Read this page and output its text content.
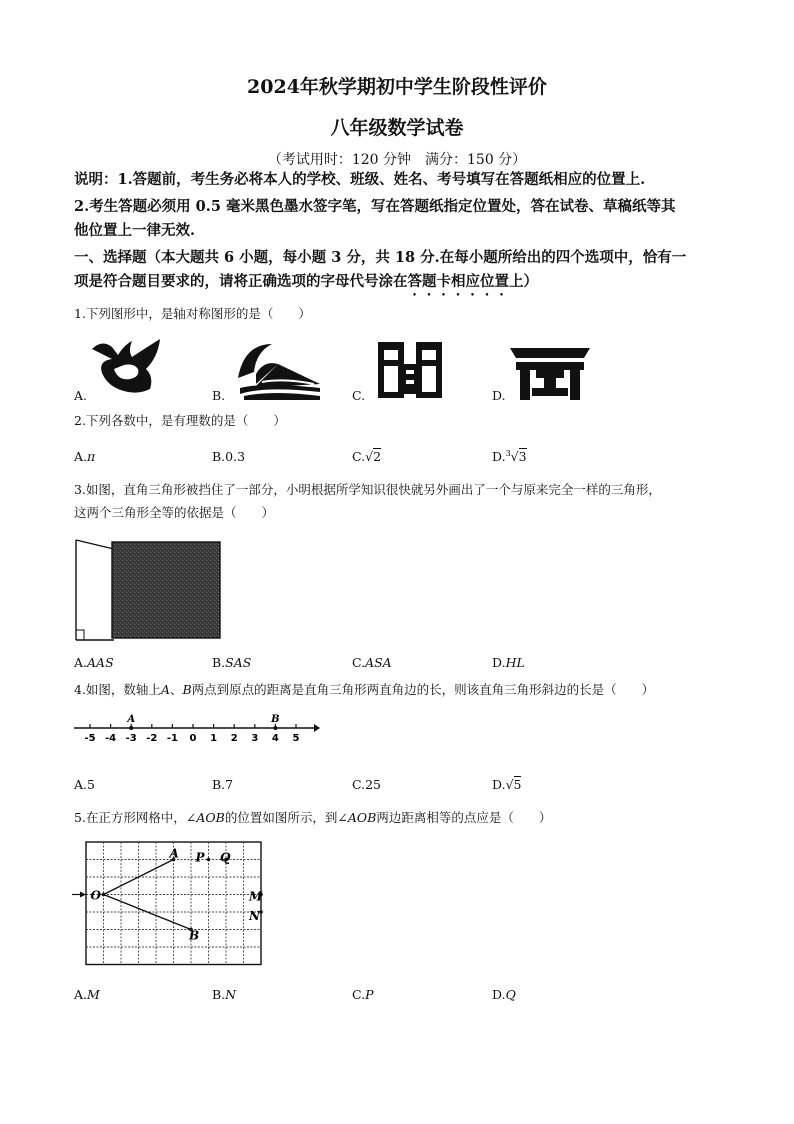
2024年秋学期初中学生阶段性评价
八年级数学试卷
（考试用时：120 分钟　满分：150 分）
说明：1.答题前，考生务必将本人的学校、班级、姓名、考号填写在答题纸相应的位置上.
2.考生答题必须用 0.5 毫米黑色墨水签字笔，写在答题纸指定位置处，答在试卷、草稿纸等其
他位置上一律无效.
一、选择题（本大题共 6 小题，每小题 3 分，共 18 分.在每小题所给出的四个选项中，恰有一
项是符合题目要求的，请将正确选项的字母代号涂在答题卡相应位置上）
1.下列图形中，是轴对称图形的是（　　）
A.	B.	C.	D.
2.下列各数中，是有理数的是（　　）
A.π	B.0.3	C.√2	D.$^3$√3
3.如图，直角三角形被挡住了一部分，小明根据所学知识很快就另外画出了一个与原来完全一样的三角形，
这两个三角形全等的依据是（　　）
A.AAS	B.SAS	C.ASA	D.HL
4.如图，数轴上A、B两点到原点的距离是直角三角形两直角边的长，则该直角三角形斜边的长是（　　）
-5 -4 -3 -2 -1 0 1 2 3 4 5
A	B
A.5	B.7	C.25	D.√5
5.在正方形网格中，∠AOB的位置如图所示，到∠AOB两边距离相等的点应是（　　）
O
A
B
P Q
M
N
A.M	B.N	C.P	D.Q
